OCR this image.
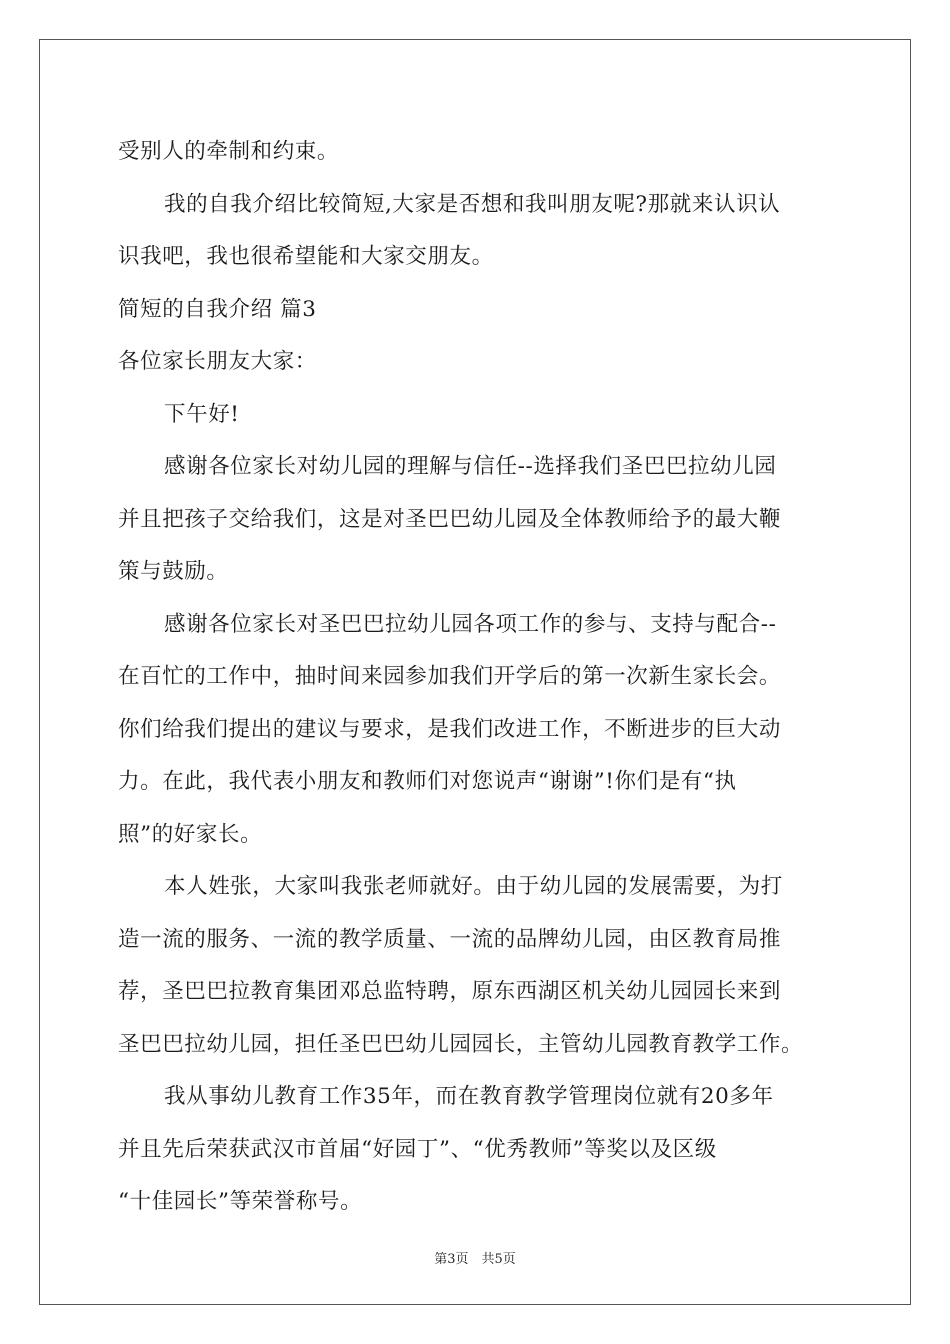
受别人的牵制和约束。
我的自我介绍比较简短,大家是否想和我叫朋友呢?那就来认识认
识我吧，我也很希望能和大家交朋友。
简短的自我介绍 篇3
各位家长朋友大家：
下午好!
感谢各位家长对幼儿园的理解与信任--选择我们圣巴巴拉幼儿园
并且把孩子交给我们，这是对圣巴巴幼儿园及全体教师给予的最大鞭
策与鼓励。
感谢各位家长对圣巴巴拉幼儿园各项工作的参与、支持与配合--
在百忙的工作中，抽时间来园参加我们开学后的第一次新生家长会。
你们给我们提出的建议与要求，是我们改进工作，不断进步的巨大动
力。在此，我代表小朋友和教师们对您说声“谢谢”!你们是有“执
照”的好家长。
本人姓张，大家叫我张老师就好。由于幼儿园的发展需要，为打
造一流的服务、一流的教学质量、一流的品牌幼儿园，由区教育局推
荐，圣巴巴拉教育集团邓总监特聘，原东西湖区机关幼儿园园长来到
圣巴巴拉幼儿园，担任圣巴巴幼儿园园长，主管幼儿园教育教学工作。
我从事幼儿教育工作35年，而在教育教学管理岗位就有20多年
并且先后荣获武汉市首届“好园丁”、“优秀教师”等奖以及区级
“十佳园长”等荣誉称号。
第3页　共5页
